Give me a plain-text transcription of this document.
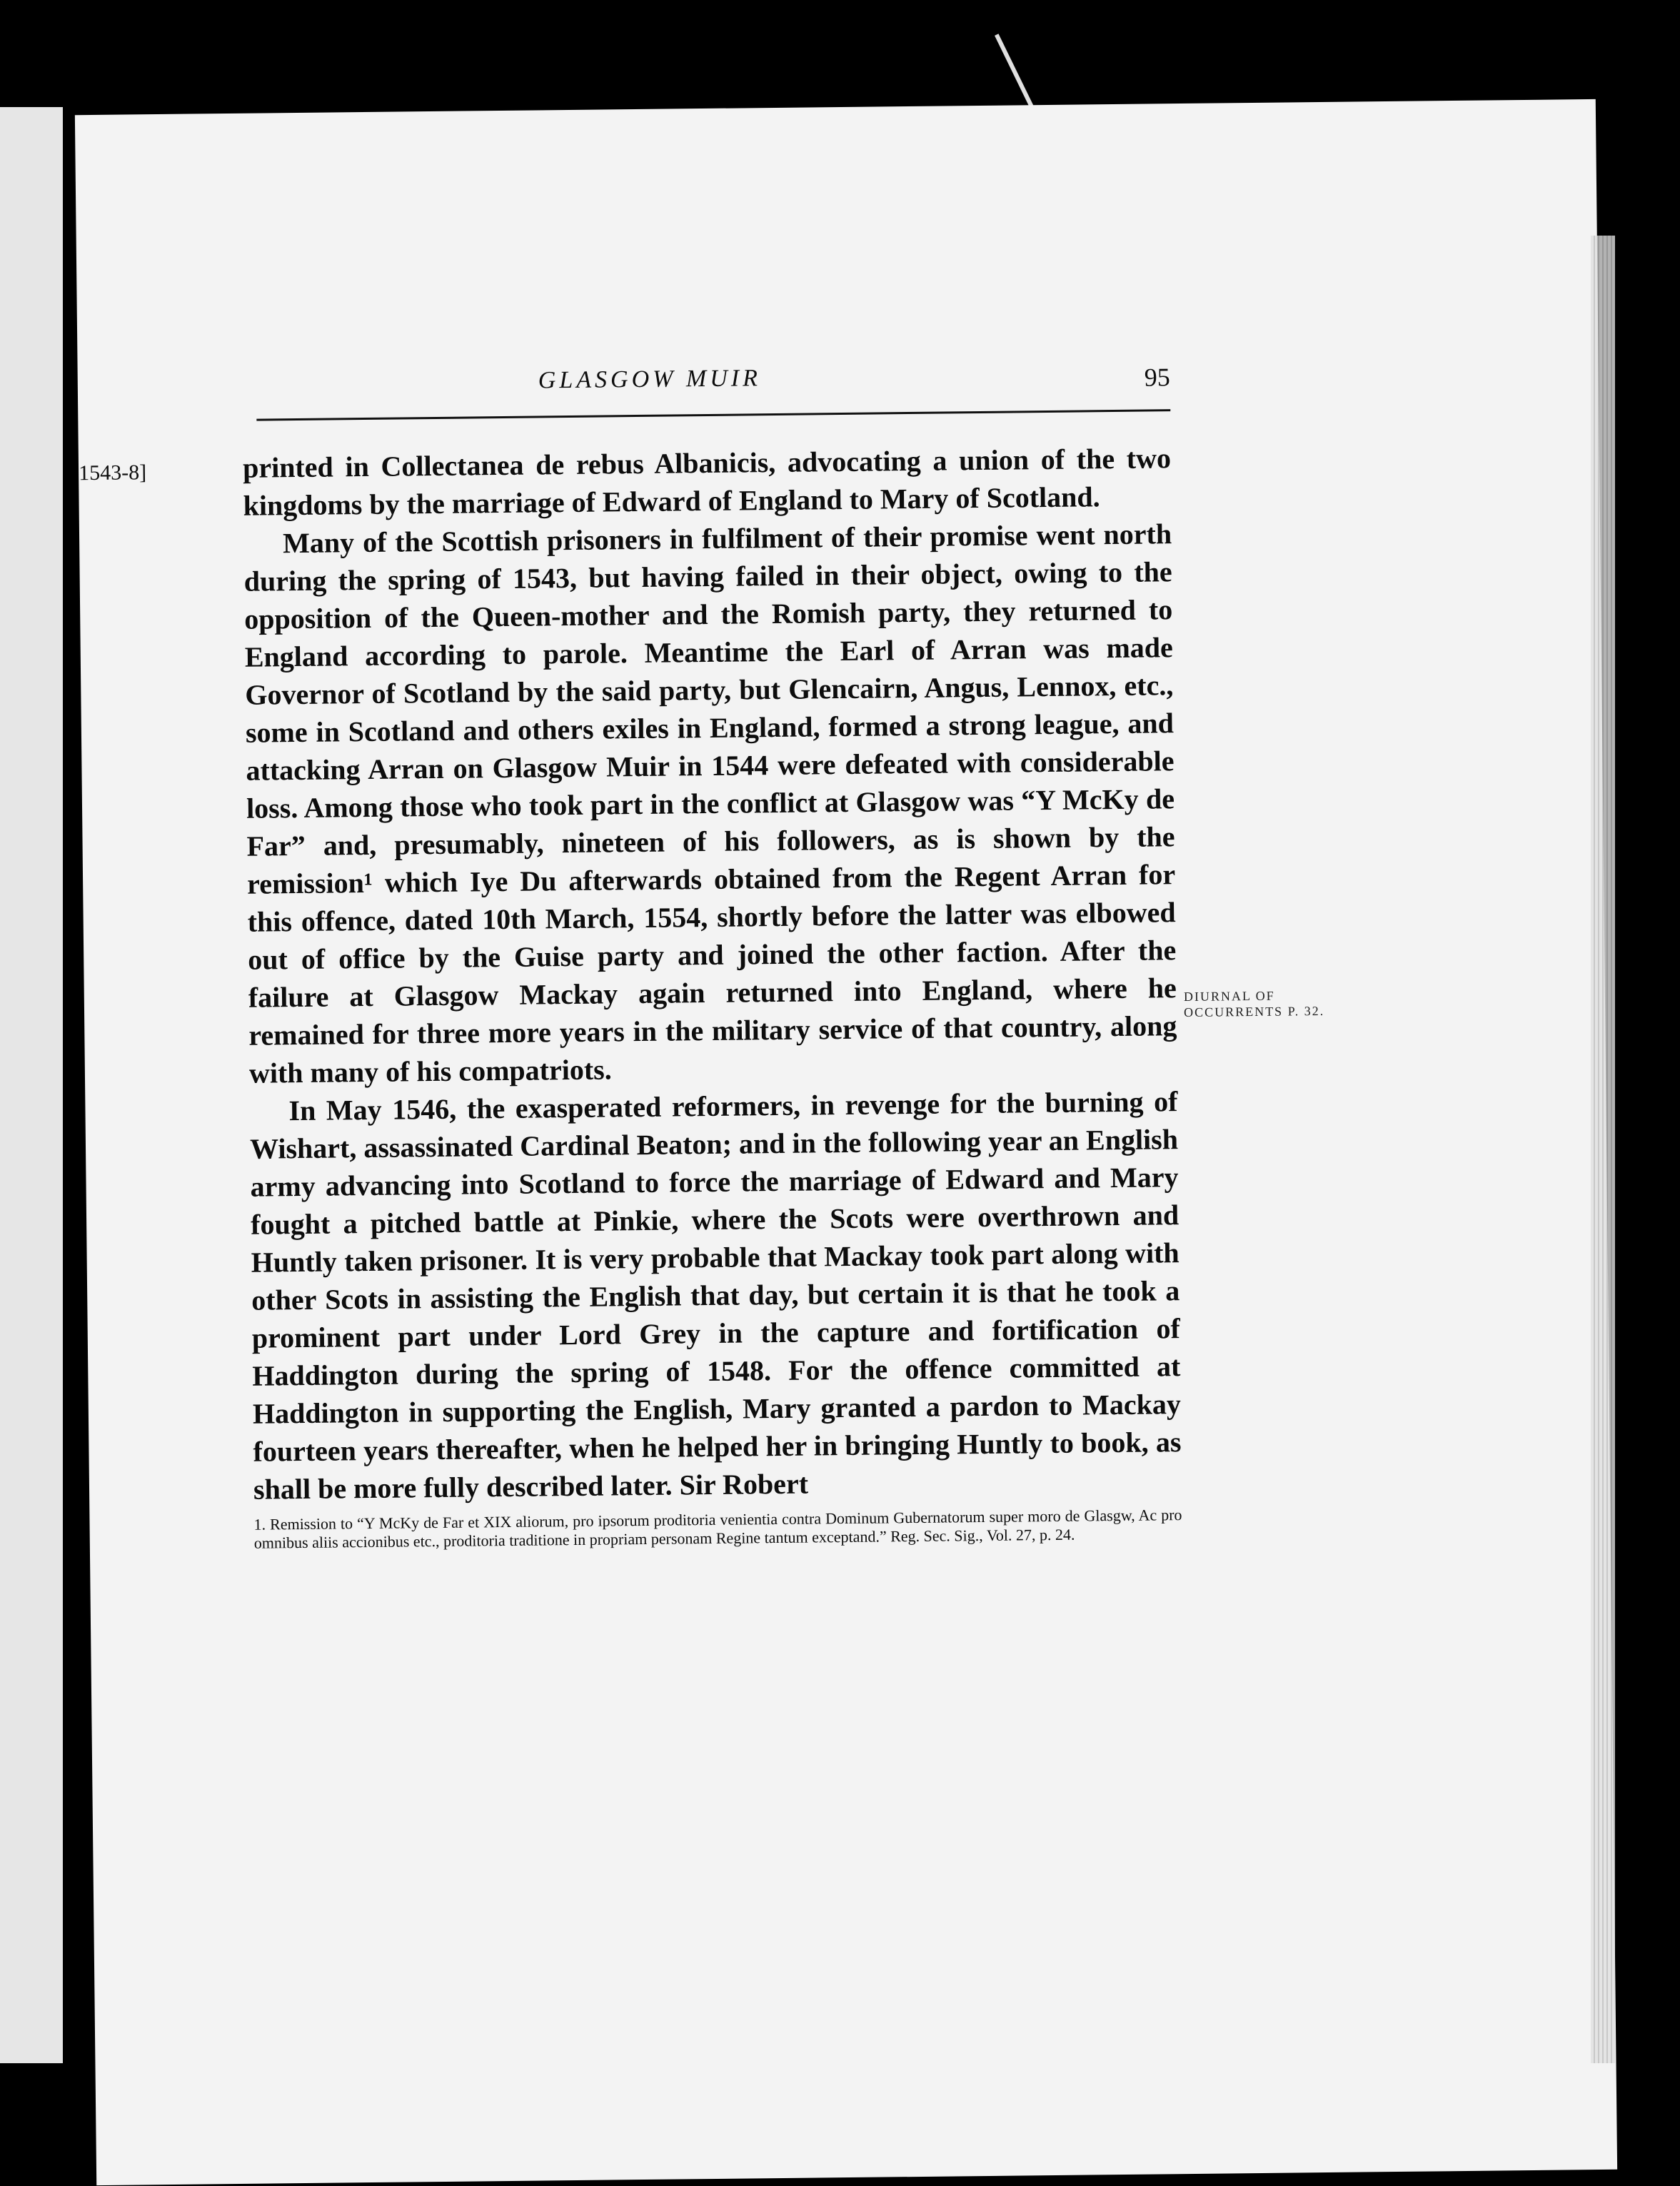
GLASGOW MUIR	95
1543-8]
DIURNAL OF OCCURRENTS P. 32.

printed in Collectanea de rebus Albanicis, advocating a union of the two kingdoms by the marriage of Edward of England to Mary of Scotland.

Many of the Scottish prisoners in fulfilment of their promise went north during the spring of 1543, but having failed in their object, owing to the opposition of the Queen-mother and the Romish party, they returned to England according to parole. Meantime the Earl of Arran was made Governor of Scotland by the said party, but Glencairn, Angus, Lennox, etc., some in Scotland and others exiles in England, formed a strong league, and attacking Arran on Glasgow Muir in 1544 were defeated with considerable loss. Among those who took part in the conflict at Glasgow was “Y McKy de Far” and, presumably, nineteen of his followers, as is shown by the remission¹ which Iye Du afterwards obtained from the Regent Arran for this offence, dated 10th March, 1554, shortly before the latter was elbowed out of office by the Guise party and joined the other faction. After the failure at Glasgow Mackay again returned into England, where he remained for three more years in the military service of that country, along with many of his compatriots.

In May 1546, the exasperated reformers, in revenge for the burning of Wishart, assassinated Cardinal Beaton; and in the following year an English army advancing into Scotland to force the marriage of Edward and Mary fought a pitched battle at Pinkie, where the Scots were overthrown and Huntly taken prisoner. It is very probable that Mackay took part along with other Scots in assisting the English that day, but certain it is that he took a prominent part under Lord Grey in the capture and fortification of Haddington during the spring of 1548. For the offence committed at Haddington in supporting the English, Mary granted a pardon to Mackay fourteen years thereafter, when he helped her in bringing Huntly to book, as shall be more fully described later. Sir Robert

1. Remission to “Y McKy de Far et XIX aliorum, pro ipsorum proditoria venientia contra Dominum Gubernatorum super moro de Glasgw, Ac pro omnibus aliis accionibus etc., proditoria traditione in propriam personam Regine tantum exceptand.” Reg. Sec. Sig., Vol. 27, p. 24.
